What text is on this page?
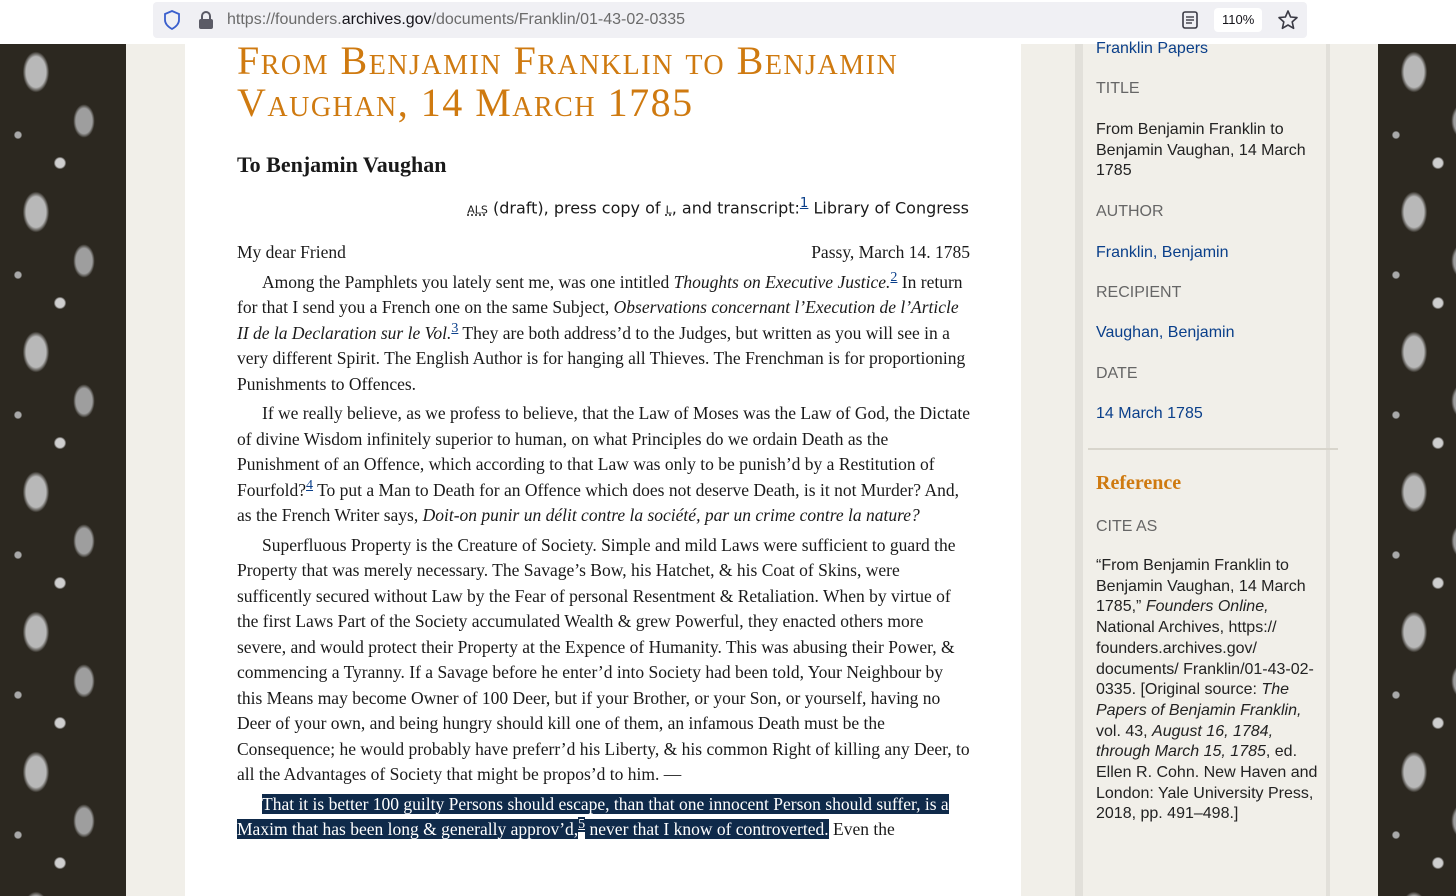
https://founders.archives.gov/documents/Franklin/01-43-02-0335	110%
From Benjamin Franklin to Benjamin Vaughan, 14 March 1785
To Benjamin Vaughan
als (draft), press copy of l, and transcript:$^1$ Library of Congress
My dear Friend	Passy, March 14. 1785

Among the Pamphlets you lately sent me, was one intitled Thoughts on Executive Justice.$^2$ In return for that I send you a French one on the same Subject, Observations concernant l’Execution de l’Article II de la Declaration sur le Vol.$^3$ They are both address’d to the Judges, but written as you will see in a very different Spirit. The English Author is for hanging all Thieves. The Frenchman is for proportioning Punishments to Offences.

If we really believe, as we profess to believe, that the Law of Moses was the Law of God, the Dictate of divine Wisdom infinitely superior to human, on what Principles do we ordain Death as the Punishment of an Offence, which according to that Law was only to be punish’d by a Restitution of Fourfold?$^4$ To put a Man to Death for an Offence which does not deserve Death, is it not Murder? And, as the French Writer says, Doit-on punir un délit contre la société, par un crime contre la nature?

Superfluous Property is the Creature of Society. Simple and mild Laws were sufficient to guard the Property that was merely necessary. The Savage’s Bow, his Hatchet, & his Coat of Skins, were sufficently secured without Law by the Fear of personal Resentment & Retaliation. When by virtue of the first Laws Part of the Society accumulated Wealth & grew Powerful, they enacted others more severe, and would protect their Property at the Expence of Humanity. This was abusing their Power, & commencing a Tyranny. If a Savage before he enter’d into Society had been told, Your Neighbour by this Means may become Owner of 100 Deer, but if your Brother, or your Son, or yourself, having no Deer of your own, and being hungry should kill one of them, an infamous Death must be the Consequence; he would probably have preferr’d his Liberty, & his common Right of killing any Deer, to all the Advantages of Society that might be propos’d to him. —

That it is better 100 guilty Persons should escape, than that one innocent Person should suffer, is a Maxim that has been long & generally approv’d,$^5$ never that I know of controverted. Even the

Franklin Papers
TITLE
From Benjamin Franklin to Benjamin Vaughan, 14 March 1785
AUTHOR
Franklin, Benjamin
RECIPIENT
Vaughan, Benjamin
DATE
14 March 1785
Reference
CITE AS
“From Benjamin Franklin to Benjamin Vaughan, 14 March 1785,” Founders Online, National Archives, https:// founders.archives.gov/ documents/ Franklin/01-43-02-0335. [Original source: The Papers of Benjamin Franklin, vol. 43, August 16, 1784, through March 15, 1785, ed. Ellen R. Cohn. New Haven and London: Yale University Press, 2018, pp. 491–498.]
